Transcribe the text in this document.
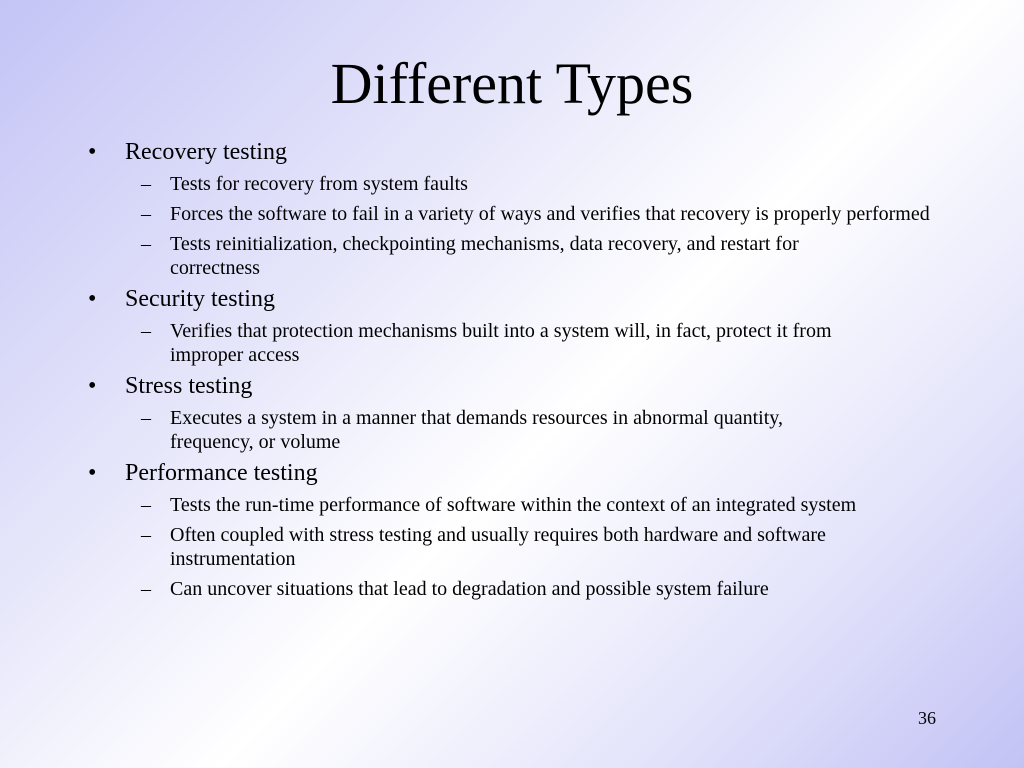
Different Types
• Recovery testing
– Tests for recovery from system faults
– Forces the software to fail in a variety of ways and verifies that recovery is properly performed
– Tests reinitialization, checkpointing mechanisms, data recovery, and restart for correctness
• Security testing
– Verifies that protection mechanisms built into a system will, in fact, protect it from improper access
• Stress testing
– Executes a system in a manner that demands resources in abnormal quantity, frequency, or volume
• Performance testing
– Tests the run-time performance of software within the context of an integrated system
– Often coupled with stress testing and usually requires both hardware and software instrumentation
– Can uncover situations that lead to degradation and possible system failure
36
